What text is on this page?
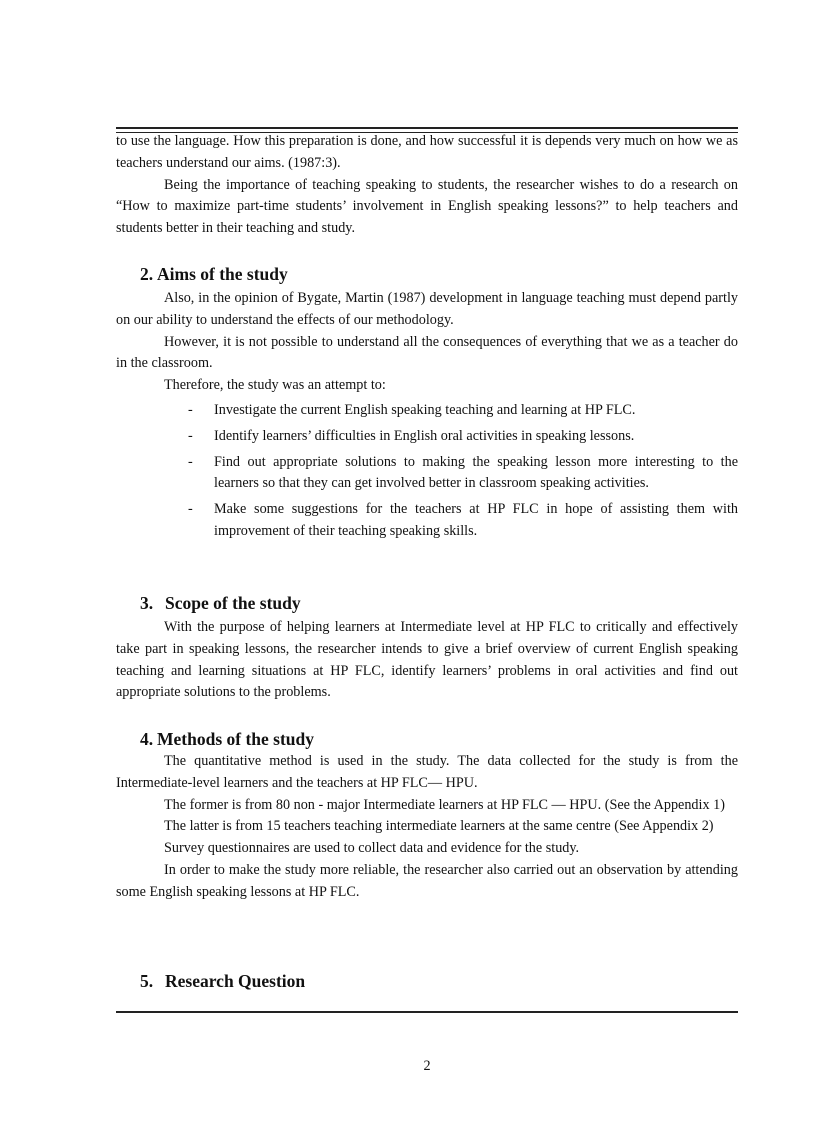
to use the language. How this preparation is done, and how successful it is depends very much on how we as teachers understand our aims. (1987:3).

Being the importance of teaching speaking to students, the researcher wishes to do a research on “How to maximize part-time students’ involvement in English speaking lessons?” to help teachers and students better in their teaching and study.

2. Aims of the study

Also, in the opinion of Bygate, Martin (1987) development in language teaching must depend partly on our ability to understand the effects of our methodology.

However, it is not possible to understand all the consequences of everything that we as a teacher do in the classroom.

Therefore, the study was an attempt to:

- Investigate the current English speaking teaching and learning at HP FLC.
- Identify learners’ difficulties in English oral activities in speaking lessons.
- Find out appropriate solutions to making the speaking lesson more interesting to the learners so that they can get involved better in classroom speaking activities.
- Make some suggestions for the teachers at HP FLC in hope of assisting them with improvement of their teaching speaking skills.
3. Scope of the study

With the purpose of helping learners at Intermediate level at HP FLC to critically and effectively take part in speaking lessons, the researcher intends to give a brief overview of current English speaking teaching and learning situations at HP FLC, identify learners’ problems in oral activities and find out appropriate solutions to the problems.

4. Methods of the study

The quantitative method is used in the study. The data collected for the study is from the Intermediate-level learners and the teachers at HP FLC— HPU.

The former is from 80 non - major Intermediate learners at HP FLC — HPU. (See the Appendix 1)

The latter is from 15 teachers teaching intermediate learners at the same centre (See Appendix 2)

Survey questionnaires are used to collect data and evidence for the study.

In order to make the study more reliable, the researcher also carried out an observation by attending some English speaking lessons at HP FLC.

5. Research Question
2
